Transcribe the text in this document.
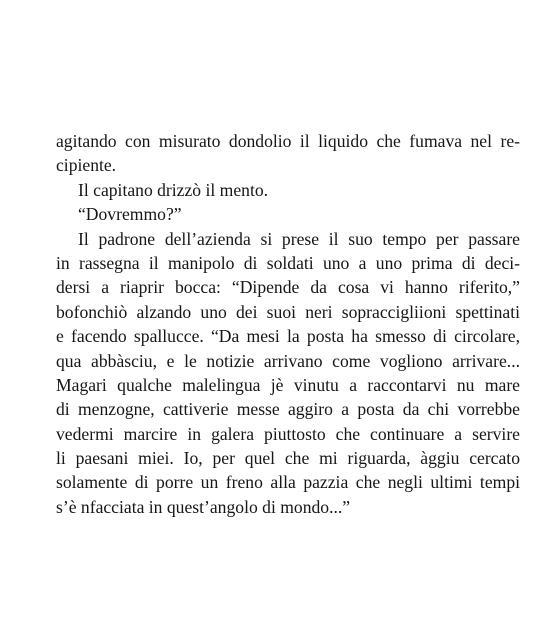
agitando con misurato dondolio il liquido che fumava nel re-
cipiente.
Il capitano drizzò il mento.
“Dovremmo?”
Il padrone dell’azienda si prese il suo tempo per passare
in rassegna il manipolo di soldati uno a uno prima di deci-
dersi a riaprir bocca: “Dipende da cosa vi hanno riferito,”
bofonchiò alzando uno dei suoi neri sopraccigliioni spettinati
e facendo spallucce. “Da mesi la posta ha smesso di circolare,
qua abbàsciu, e le notizie arrivano come vogliono arrivare...
Magari qualche malelingua jè vinutu a raccontarvi nu mare
di menzogne, cattiverie messe aggiro a posta da chi vorrebbe
vedermi marcire in galera piuttosto che continuare a servire
li paesani miei. Io, per quel che mi riguarda, àggiu cercato
solamente di porre un freno alla pazzia che negli ultimi tempi
s’è nfacciata in quest’angolo di mondo...”
